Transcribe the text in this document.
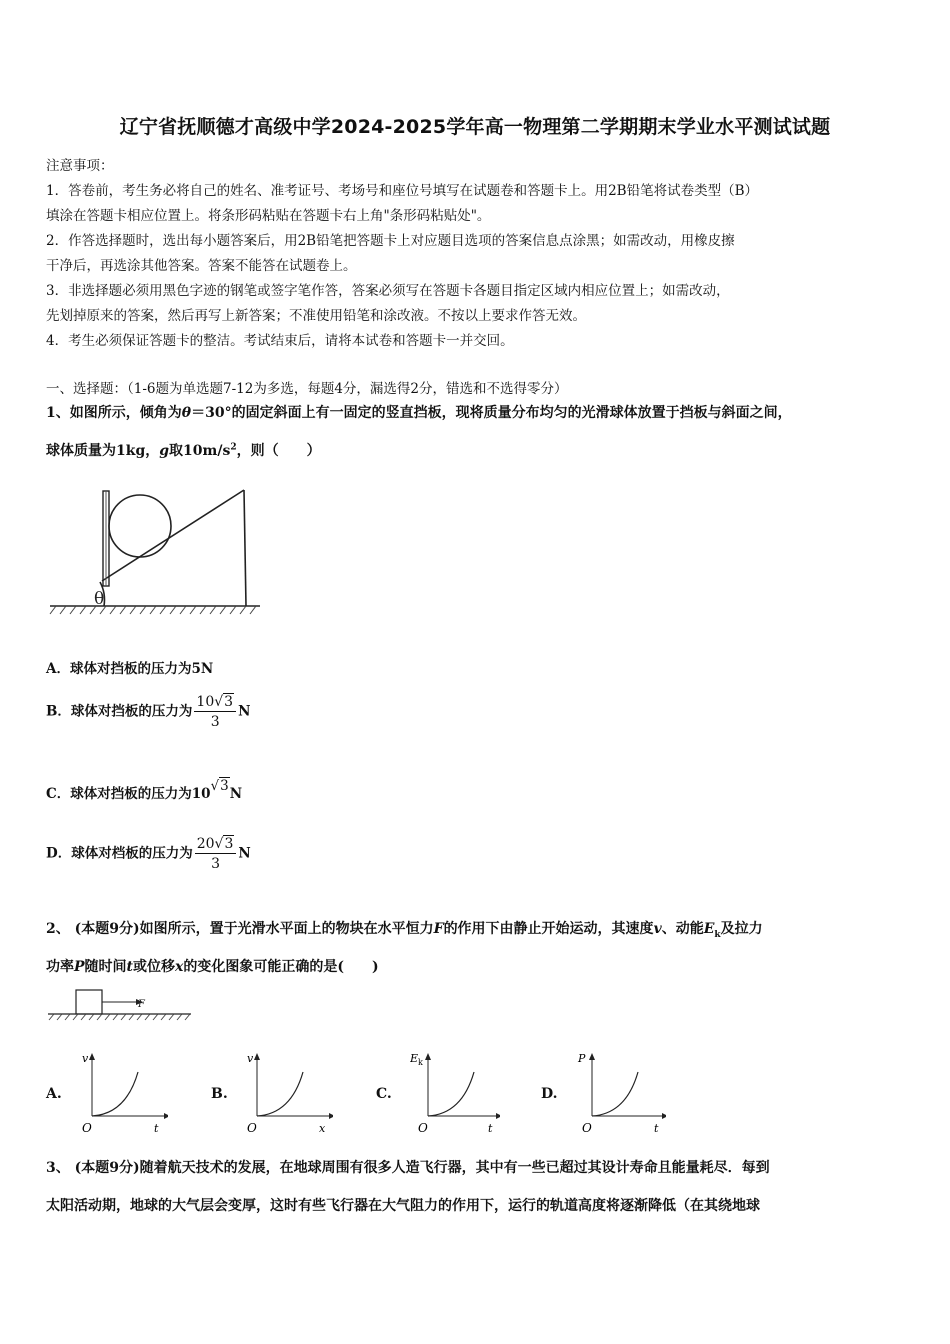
辽宁省抚顺德才高级中学2024-2025学年高一物理第二学期期末学业水平测试试题
注意事项：
1．答卷前，考生务必将自己的姓名、准考证号、考场号和座位号填写在试题卷和答题卡上。用2B铅笔将试卷类型（B）
填涂在答题卡相应位置上。将条形码粘贴在答题卡右上角"条形码粘贴处"。
2．作答选择题时，选出每小题答案后，用2B铅笔把答题卡上对应题目选项的答案信息点涂黑；如需改动，用橡皮擦
干净后，再选涂其他答案。答案不能答在试题卷上。
3．非选择题必须用黑色字迹的钢笔或签字笔作答，答案必须写在答题卡各题目指定区域内相应位置上；如需改动，
先划掉原来的答案，然后再写上新答案；不准使用铅笔和涂改液。不按以上要求作答无效。
4．考生必须保证答题卡的整洁。考试结束后，请将本试卷和答题卡一并交回。
一、选择题：（1-6题为单选题7-12为多选，每题4分，漏选得2分，错选和不选得零分）
1、如图所示，倾角为θ＝30°的固定斜面上有一固定的竖直挡板，现将质量分布均匀的光滑球体放置于挡板与斜面之间，
球体质量为1kg，g取$10m/s^2$，则（　　）
θ
A．球体对挡板的压力为5N
B．球体对挡板的压力为 $\frac{10√3}{3}$ N
C．球体对挡板的压力为10√3N
D．球体对档板的压力为 $\frac{20√3}{3}$ N
2、 (本题9分)如图所示，置于光滑水平面上的物块在水平恒力F的作用下由静止开始运动，其速度v、动能$E_k$及拉力
功率P随时间t或位移x的变化图象可能正确的是(　　)
F
A.
v
O	t
B.
v
O	x
C.
E k
O	t
D.
P
O	t
3、 (本题9分)随着航天技术的发展，在地球周围有很多人造飞行器，其中有一些已超过其设计寿命且能量耗尽．每到
太阳活动期，地球的大气层会变厚，这时有些飞行器在大气阻力的作用下，运行的轨道高度将逐渐降低（在其绕地球
